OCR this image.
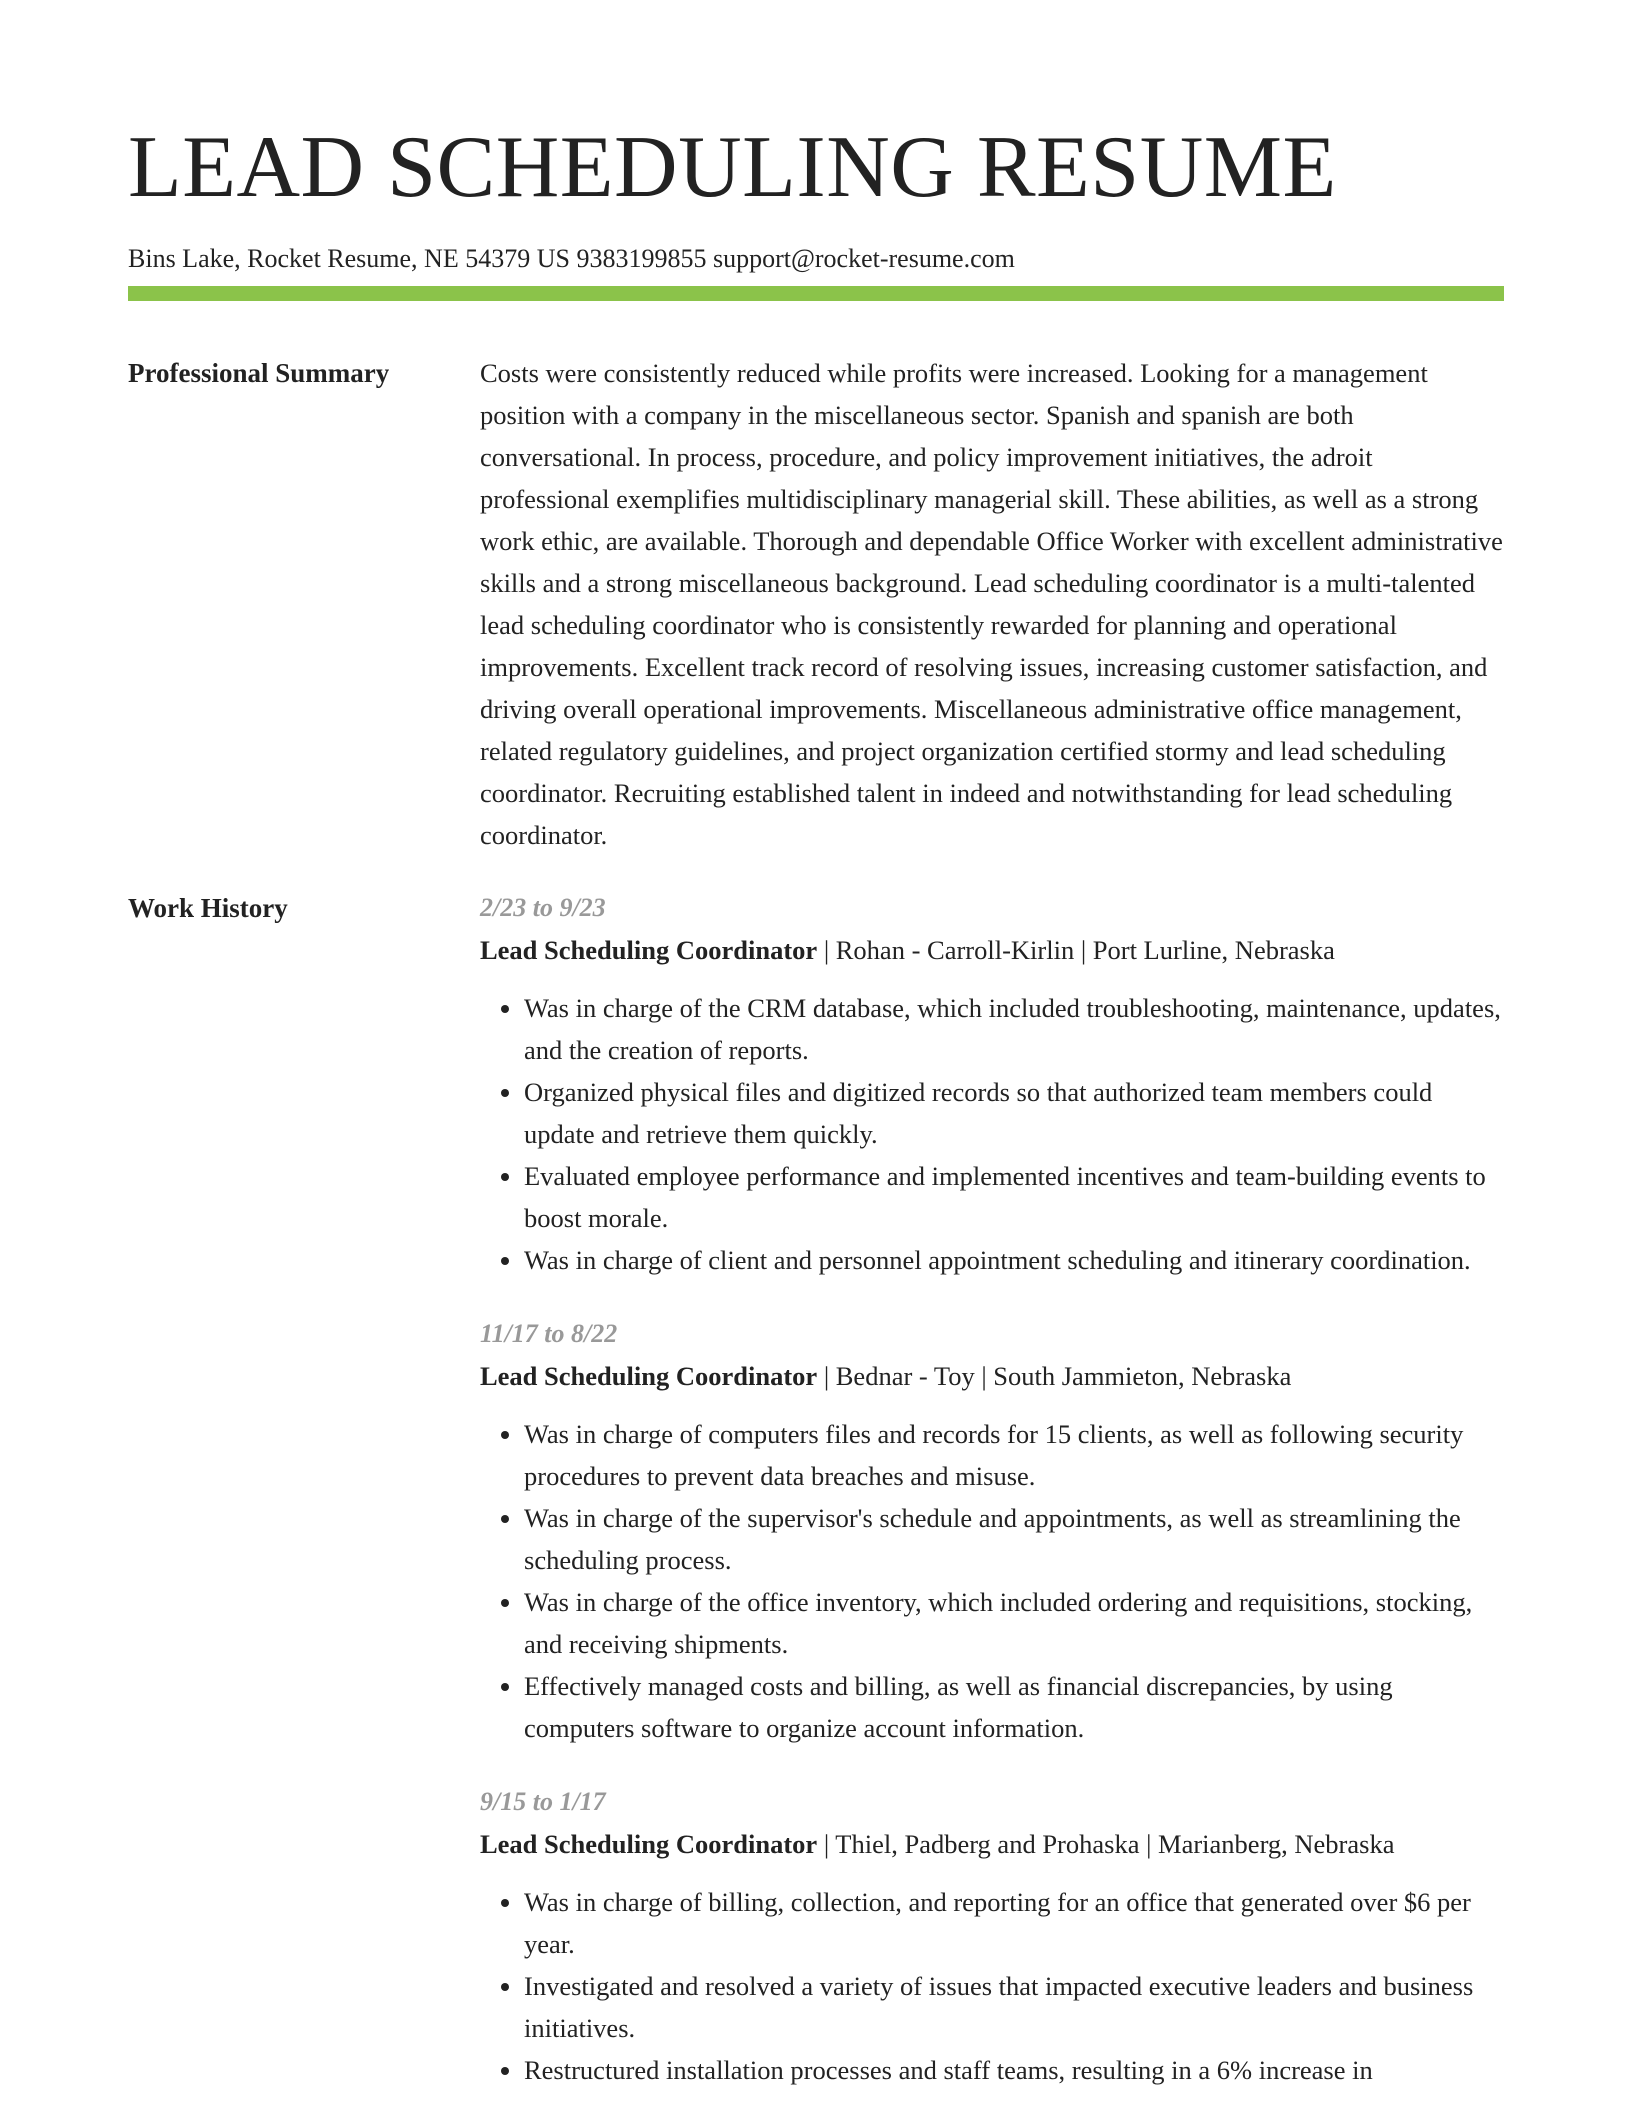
LEAD SCHEDULING RESUME
Bins Lake, Rocket Resume, NE 54379 US 9383199855 support@rocket-resume.com
Professional Summary	Costs were consistently reduced while profits were increased. Looking for a management position with a company in the miscellaneous sector. Spanish and spanish are both conversational. In process, procedure, and policy improvement initiatives, the adroit professional exemplifies multidisciplinary managerial skill. These abilities, as well as a strong work ethic, are available. Thorough and dependable Office Worker with excellent administrative skills and a strong miscellaneous background. Lead scheduling coordinator is a multi-talented lead scheduling coordinator who is consistently rewarded for planning and operational improvements. Excellent track record of resolving issues, increasing customer satisfaction, and driving overall operational improvements. Miscellaneous administrative office management, related regulatory guidelines, and project organization certified stormy and lead scheduling coordinator. Recruiting established talent in indeed and notwithstanding for lead scheduling coordinator.

Work History	2/23 to 9/23
Lead Scheduling Coordinator | Rohan - Carroll-Kirlin | Port Lurline, Nebraska
• Was in charge of the CRM database, which included troubleshooting, maintenance, updates, and the creation of reports.
• Organized physical files and digitized records so that authorized team members could update and retrieve them quickly.
• Evaluated employee performance and implemented incentives and team-building events to boost morale.
• Was in charge of client and personnel appointment scheduling and itinerary coordination.
11/17 to 8/22
Lead Scheduling Coordinator | Bednar - Toy | South Jammieton, Nebraska
• Was in charge of computers files and records for 15 clients, as well as following security procedures to prevent data breaches and misuse.
• Was in charge of the supervisor's schedule and appointments, as well as streamlining the scheduling process.
• Was in charge of the office inventory, which included ordering and requisitions, stocking, and receiving shipments.
• Effectively managed costs and billing, as well as financial discrepancies, by using computers software to organize account information.
9/15 to 1/17
Lead Scheduling Coordinator | Thiel, Padberg and Prohaska | Marianberg, Nebraska
• Was in charge of billing, collection, and reporting for an office that generated over $6 per year.
• Investigated and resolved a variety of issues that impacted executive leaders and business initiatives.
• Restructured installation processes and staff teams, resulting in a 6% increase in
